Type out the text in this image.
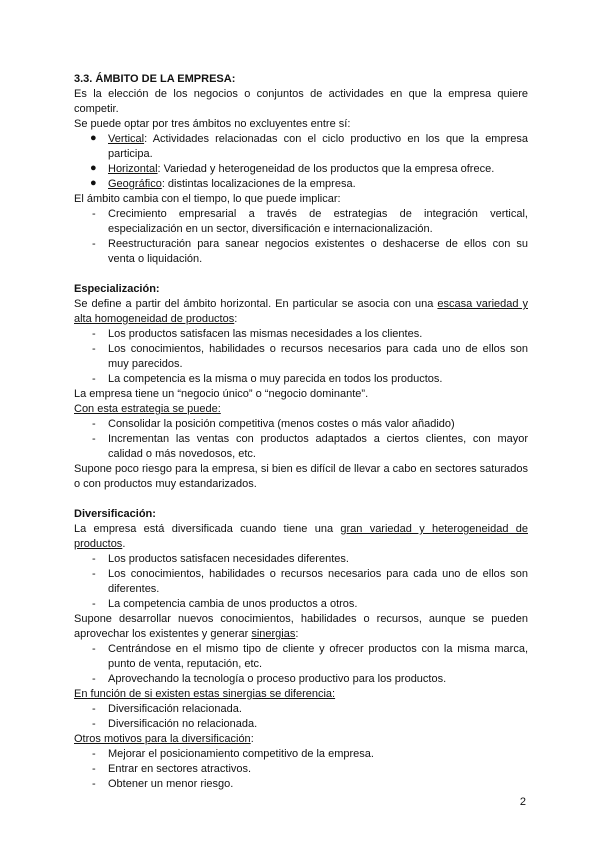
3.3. ÁMBITO DE LA EMPRESA:

Es la elección de los negocios o conjuntos de actividades en que la empresa quiere competir.

Se puede optar por tres ámbitos no excluyentes entre sí:

● Vertical: Actividades relacionadas con el ciclo productivo en los que la empresa participa.
● Horizontal: Variedad y heterogeneidad de los productos que la empresa ofrece.
● Geográfico: distintas localizaciones de la empresa.

El ámbito cambia con el tiempo, lo que puede implicar:

- Crecimiento empresarial a través de estrategias de integración vertical, especialización en un sector, diversificación e internacionalización.
- Reestructuración para sanear negocios existentes o deshacerse de ellos con su venta o liquidación.

Especialización:

Se define a partir del ámbito horizontal. En particular se asocia con una escasa variedad y alta homogeneidad de productos:

- Los productos satisfacen las mismas necesidades a los clientes.
- Los conocimientos, habilidades o recursos necesarios para cada uno de ellos son muy parecidos.
- La competencia es la misma o muy parecida en todos los productos.

La empresa tiene un “negocio único” o “negocio dominante”.

Con esta estrategia se puede:

- Consolidar la posición competitiva (menos costes o más valor añadido)
- Incrementan las ventas con productos adaptados a ciertos clientes, con mayor calidad o más novedosos, etc.

Supone poco riesgo para la empresa, si bien es difícil de llevar a cabo en sectores saturados o con productos muy estandarizados.

Diversificación:

La empresa está diversificada cuando tiene una gran variedad y heterogeneidad de productos.

- Los productos satisfacen necesidades diferentes.
- Los conocimientos, habilidades o recursos necesarios para cada uno de ellos son diferentes.
- La competencia cambia de unos productos a otros.

Supone desarrollar nuevos conocimientos, habilidades o recursos, aunque se pueden aprovechar los existentes y generar sinergias:

- Centrándose en el mismo tipo de cliente y ofrecer productos con la misma marca, punto de venta, reputación, etc.
- Aprovechando la tecnología o proceso productivo para los productos.

En función de si existen estas sinergias se diferencia:

- Diversificación relacionada.
- Diversificación no relacionada.

Otros motivos para la diversificación:

- Mejorar el posicionamiento competitivo de la empresa.
- Entrar en sectores atractivos.
- Obtener un menor riesgo.
2
